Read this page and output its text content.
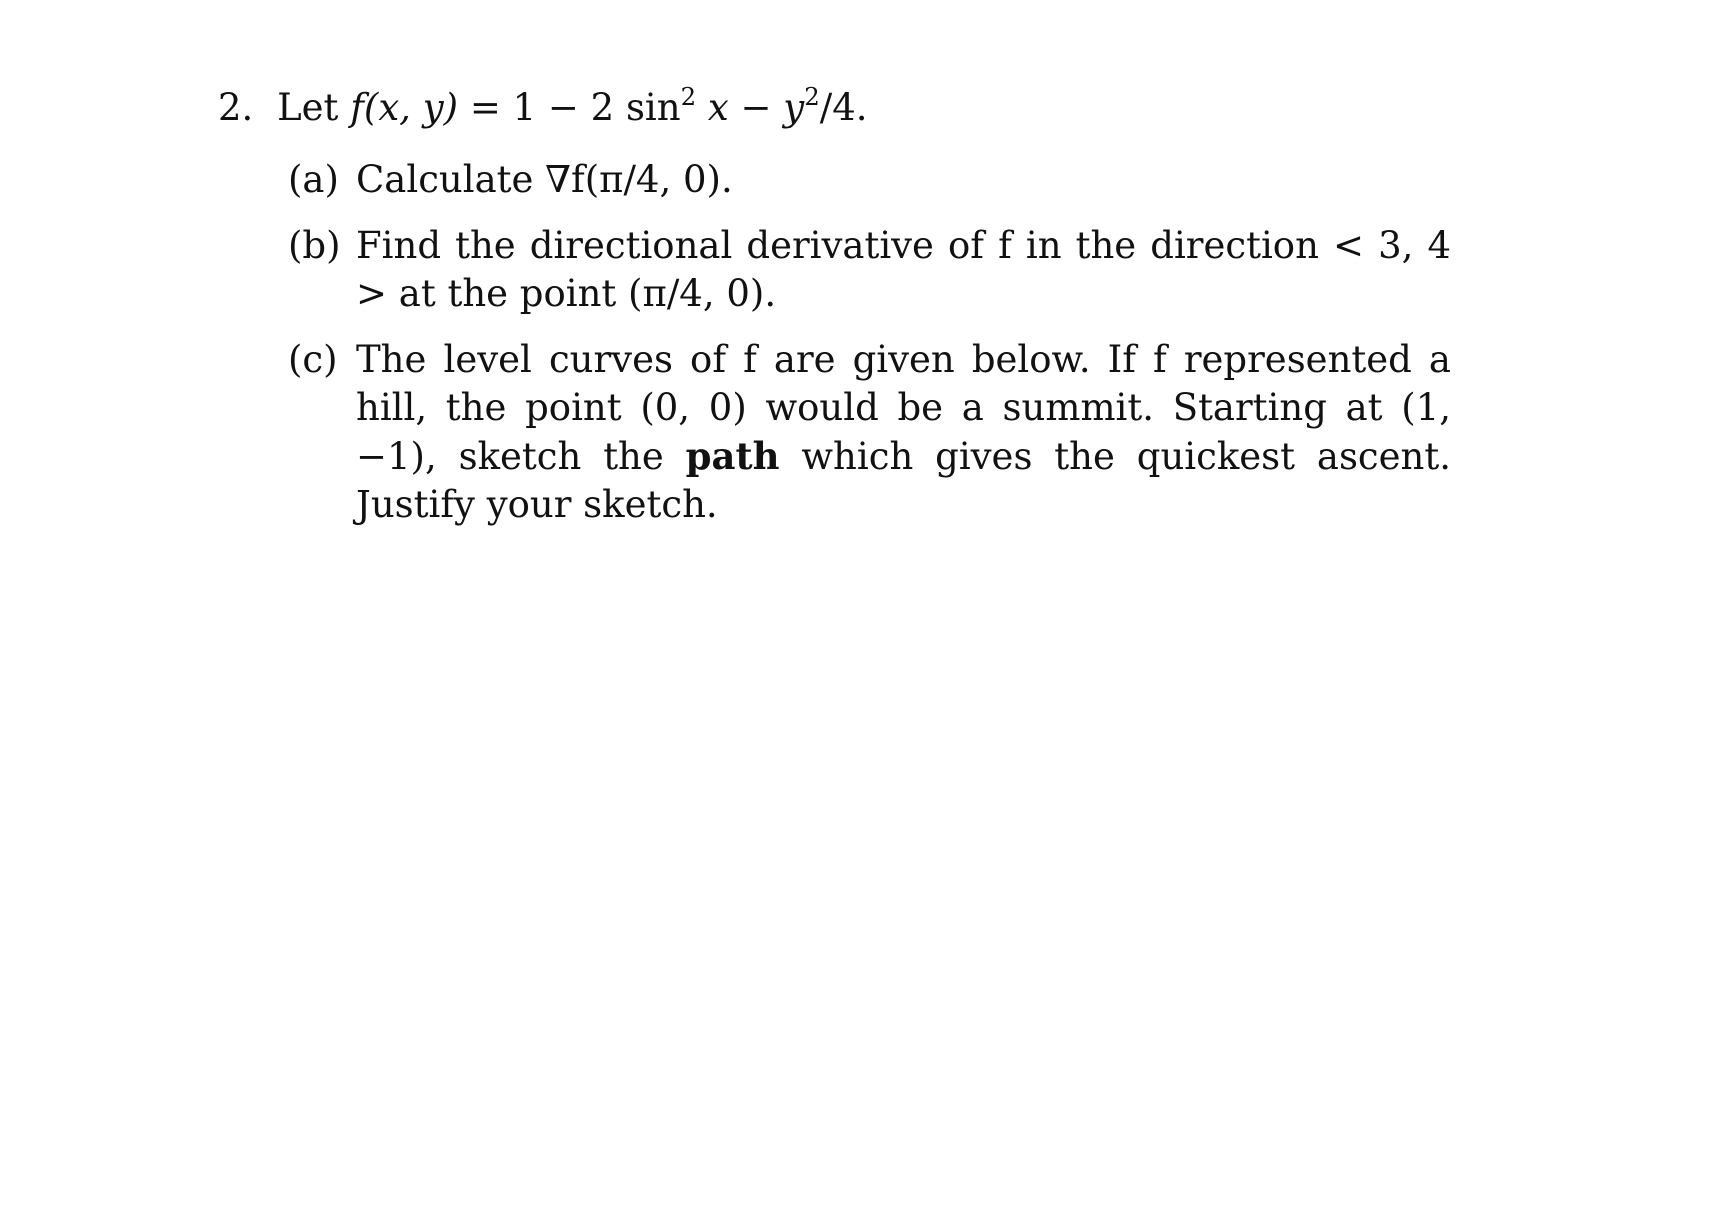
2. Let f(x, y) = 1 − 2 $\sin^2 x - y^2/4$.
(a) Calculate ∇f(π/4, 0).
(b) Find the directional derivative of f in the direction < 3, 4 > at the point (π/4, 0).
(c) The level curves of f are given below. If f represented a hill, the point (0, 0) would be a summit. Starting at (1, −1), sketch the path which gives the quickest ascent. Justify your sketch.
